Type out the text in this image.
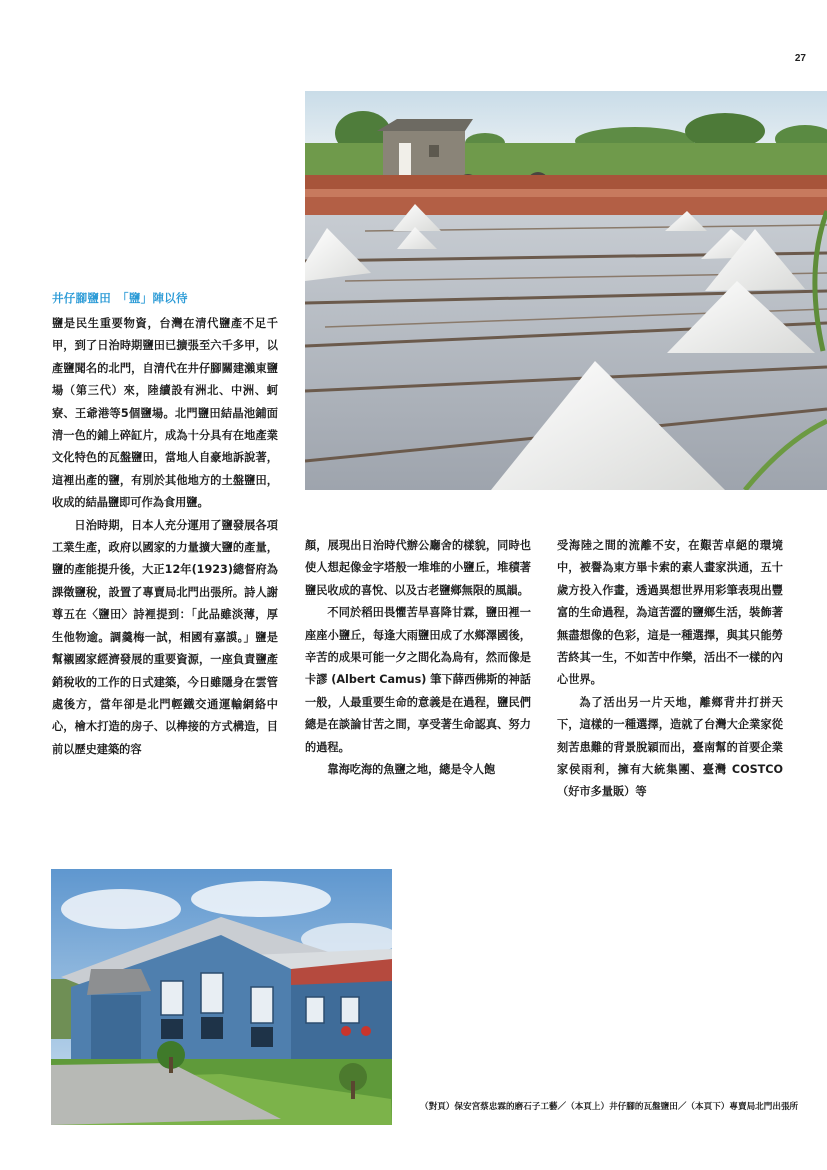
27
井仔腳鹽田　「鹽」陣以待

鹽是民生重要物資，台灣在清代鹽產不足千甲，到了日治時期鹽田已擴張至六千多甲，以產鹽聞名的北門，自清代在井仔腳關建瀨東鹽場（第三代）來，陸續設有洲北、中洲、蚵寮、王爺港等5個鹽場。北門鹽田結晶池鋪面清一色的鋪上碎缸片，成為十分具有在地產業文化特色的瓦盤鹽田，當地人自豪地訴說著，這裡出產的鹽，有別於其他地方的土盤鹽田，收成的結晶鹽即可作為食用鹽。

日治時期，日本人充分運用了鹽發展各項工業生產，政府以國家的力量擴大鹽的產量，鹽的產能提升後，大正12年(1923)總督府為課徵鹽稅，設置了專賣局北門出張所。詩人謝尊五在〈鹽田〉詩裡提到：「此品雖淡薄，厚生他物逾。調羹梅一試，相國有嘉謨。」鹽是幫襯國家經濟發展的重要資源，一座負責鹽產銷稅收的工作的日式建築，今日雖隱身在雲管處後方，當年卻是北門輕鐵交通運輸網絡中心，檜木打造的房子、以榫接的方式構造，目前以歷史建築的容

顏，展現出日治時代辦公廳舍的樣貌，同時也使人想起像金字塔般一堆堆的小鹽丘，堆積著鹽民收成的喜悅、以及古老鹽鄉無限的風韻。

不同於稻田畏懼苦旱喜降甘霖，鹽田裡一座座小鹽丘，每逢大雨鹽田成了水鄉澤國後，辛苦的成果可能一夕之間化為烏有，然而像是卡謬 (Albert Camus) 筆下薛西佛斯的神話一般，人最重要生命的意義是在過程，鹽民們總是在談論甘苦之間，享受著生命認真、努力的過程。

靠海吃海的魚鹽之地，總是令人飽

受海陸之間的流離不安，在艱苦卓絕的環境中，被譽為東方畢卡索的素人畫家洪通，五十歲方投入作畫，透過異想世界用彩筆表現出豐富的生命過程，為這苦澀的鹽鄉生活，裝飾著無盡想像的色彩，這是一種選擇，與其只能勞苦終其一生，不如苦中作樂，活出不一樣的內心世界。

為了活出另一片天地，離鄉背井打拼天下，這樣的一種選擇，造就了台灣大企業家從刻苦患難的背景脫穎而出，臺南幫的首要企業家侯雨利，擁有大統集團、臺灣 COSTCO（好市多量販）等

（對頁）保安宮蔡忠霖的磨石子工藝／（本頁上）井仔腳的瓦盤鹽田／（本頁下）專賣局北門出張所
